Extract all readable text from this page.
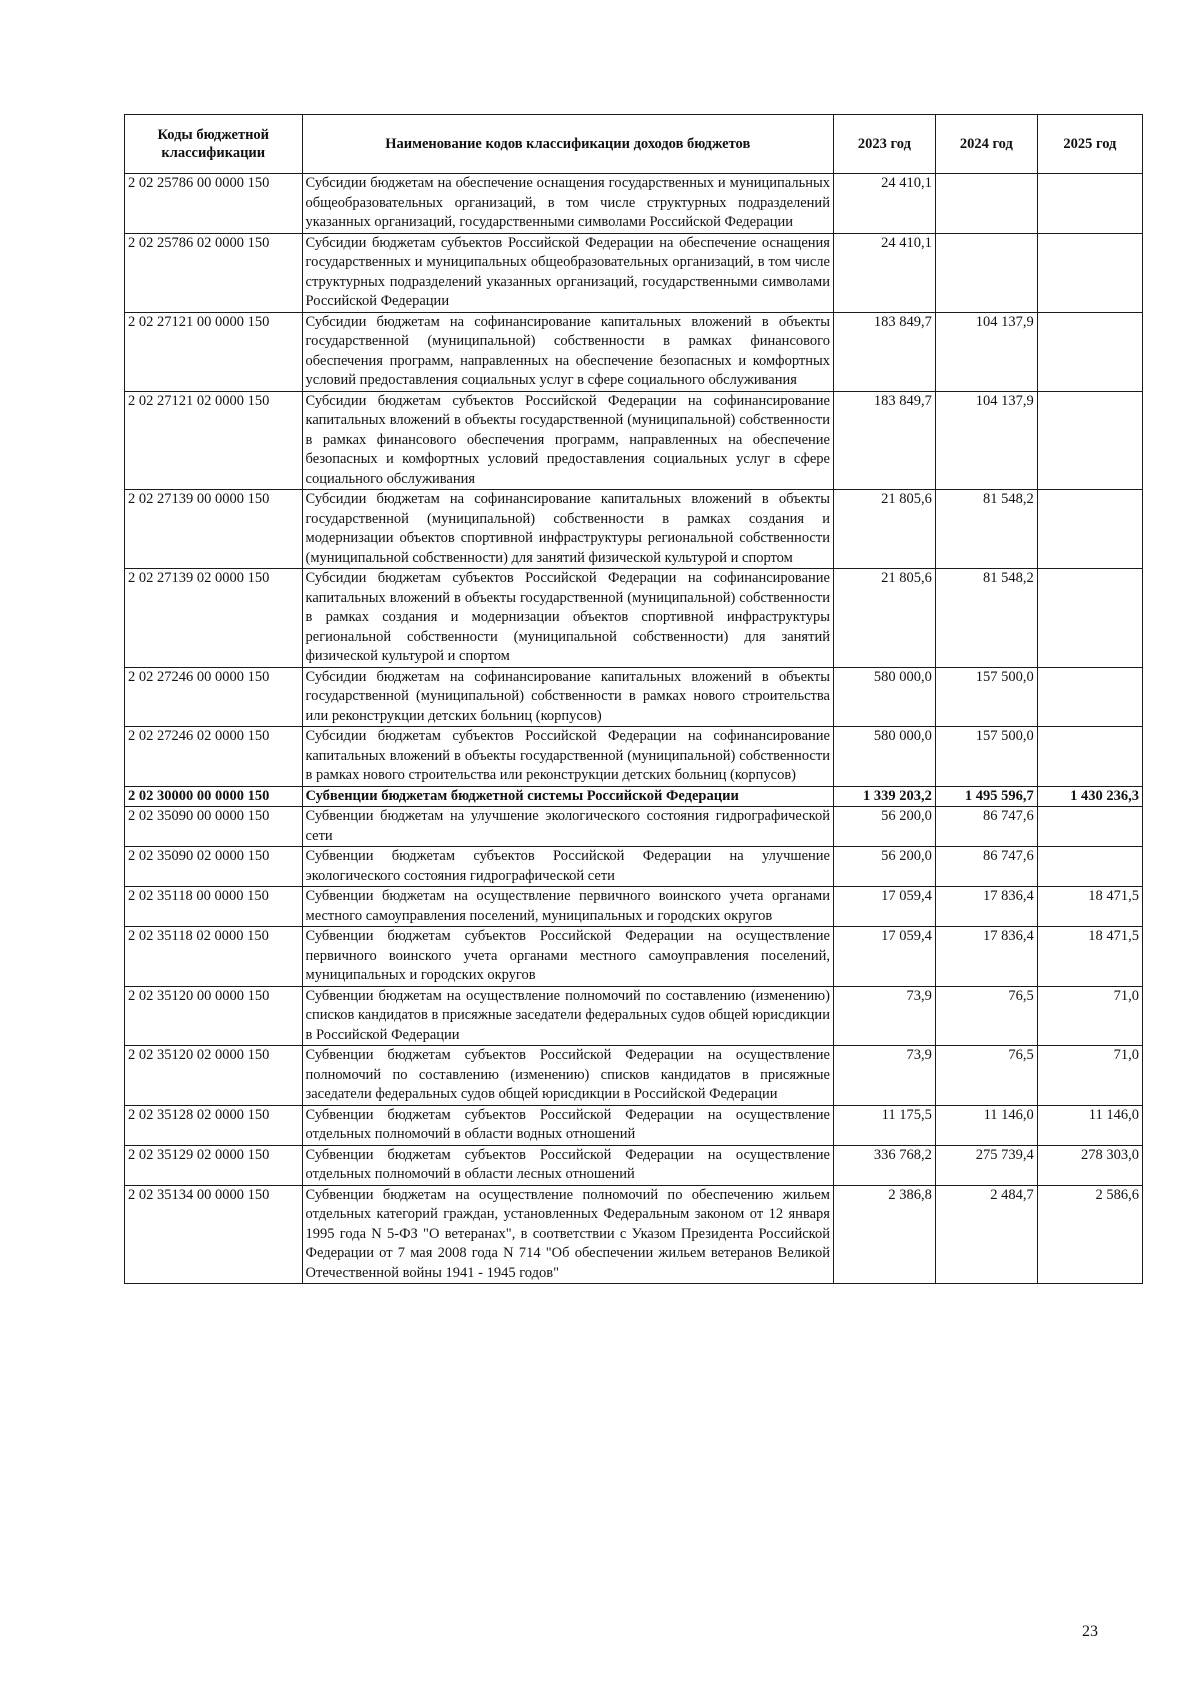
Коды бюджетной классификации	Наименование кодов классификации доходов бюджетов	2023 год	2024 год	2025 год
2 02 25786 00 0000 150	Субсидии бюджетам на обеспечение оснащения государственных и муниципальных общеобразовательных организаций, в том числе структурных подразделений указанных организаций, государственными символами Российской Федерации	24 410,1		
2 02 25786 02 0000 150	Субсидии бюджетам субъектов Российской Федерации на обеспечение оснащения государственных и муниципальных общеобразовательных организаций, в том числе структурных подразделений указанных организаций, государственными символами Российской Федерации	24 410,1		
2 02 27121 00 0000 150	Субсидии бюджетам на софинансирование капитальных вложений в объекты государственной (муниципальной) собственности в рамках финансового обеспечения программ, направленных на обеспечение безопасных и комфортных условий предоставления социальных услуг в сфере социального обслуживания	183 849,7	104 137,9	
2 02 27121 02 0000 150	Субсидии бюджетам субъектов Российской Федерации на софинансирование капитальных вложений в объекты государственной (муниципальной) собственности в рамках финансового обеспечения программ, направленных на обеспечение безопасных и комфортных условий предоставления социальных услуг в сфере социального обслуживания	183 849,7	104 137,9	
2 02 27139 00 0000 150	Субсидии бюджетам на софинансирование капитальных вложений в объекты государственной (муниципальной) собственности в рамках создания и модернизации объектов спортивной инфраструктуры региональной собственности (муниципальной собственности) для занятий физической культурой и спортом	21 805,6	81 548,2	
2 02 27139 02 0000 150	Субсидии бюджетам субъектов Российской Федерации на софинансирование капитальных вложений в объекты государственной (муниципальной) собственности в рамках создания и модернизации объектов спортивной инфраструктуры региональной собственности (муниципальной собственности) для занятий физической культурой и спортом	21 805,6	81 548,2	
2 02 27246 00 0000 150	Субсидии бюджетам на софинансирование капитальных вложений в объекты государственной (муниципальной) собственности в рамках нового строительства или реконструкции детских больниц (корпусов)	580 000,0	157 500,0	
2 02 27246 02 0000 150	Субсидии бюджетам субъектов Российской Федерации на софинансирование капитальных вложений в объекты государственной (муниципальной) собственности в рамках нового строительства или реконструкции детских больниц (корпусов)	580 000,0	157 500,0	
2 02 30000 00 0000 150	Субвенции бюджетам бюджетной системы Российской Федерации	1 339 203,2	1 495 596,7	1 430 236,3
2 02 35090 00 0000 150	Субвенции бюджетам на улучшение экологического состояния гидрографической сети	56 200,0	86 747,6	
2 02 35090 02 0000 150	Субвенции бюджетам субъектов Российской Федерации на улучшение экологического состояния гидрографической сети	56 200,0	86 747,6	
2 02 35118 00 0000 150	Субвенции бюджетам на осуществление первичного воинского учета органами местного самоуправления поселений, муниципальных и городских округов	17 059,4	17 836,4	18 471,5
2 02 35118 02 0000 150	Субвенции бюджетам субъектов Российской Федерации на осуществление первичного воинского учета органами местного самоуправления поселений, муниципальных и городских округов	17 059,4	17 836,4	18 471,5
2 02 35120 00 0000 150	Субвенции бюджетам на осуществление полномочий по составлению (изменению) списков кандидатов в присяжные заседатели федеральных судов общей юрисдикции в Российской Федерации	73,9	76,5	71,0
2 02 35120 02 0000 150	Субвенции бюджетам субъектов Российской Федерации на осуществление полномочий по составлению (изменению) списков кандидатов в присяжные заседатели федеральных судов общей юрисдикции в Российской Федерации	73,9	76,5	71,0
2 02 35128 02 0000 150	Субвенции бюджетам субъектов Российской Федерации на осуществление отдельных полномочий в области водных отношений	11 175,5	11 146,0	11 146,0
2 02 35129 02 0000 150	Субвенции бюджетам субъектов Российской Федерации на осуществление отдельных полномочий в области лесных отношений	336 768,2	275 739,4	278 303,0
2 02 35134 00 0000 150	Субвенции бюджетам на осуществление полномочий по обеспечению жильем отдельных категорий граждан, установленных Федеральным законом от 12 января 1995 года N 5-ФЗ "О ветеранах", в соответствии с Указом Президента Российской Федерации от 7 мая 2008 года N 714 "Об обеспечении жильем ветеранов Великой Отечественной войны 1941 - 1945 годов"	2 386,8	2 484,7	2 586,6
23
